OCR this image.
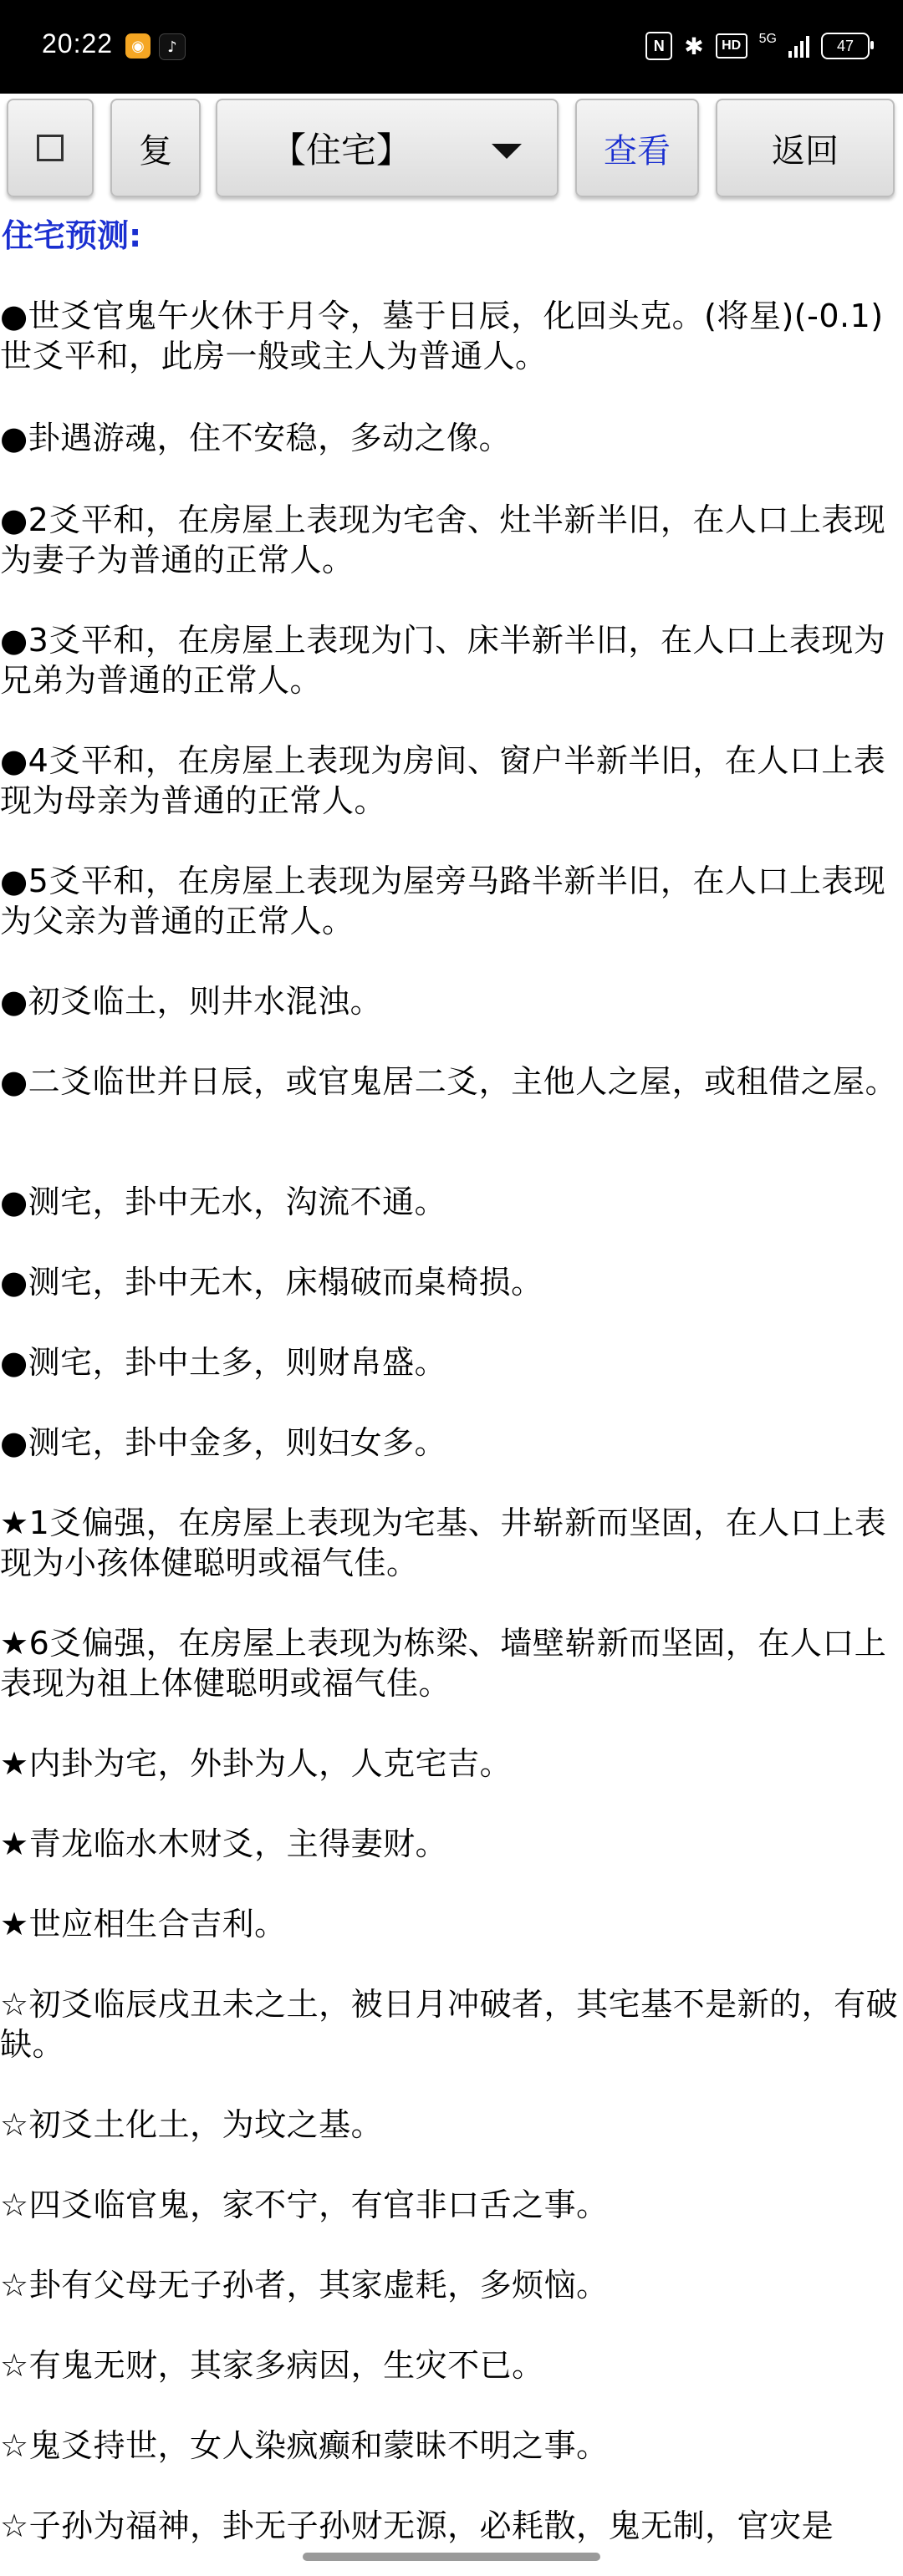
20:22	◉	♪	N ✱	HD	5G	47
复	【住宅】	查看	返回
住宅预测:

●世爻官鬼午火休于月令，墓于日辰，化回头克。(将星)(-0.1)世爻平和，此房一般或主人为普通人。

●卦遇游魂，住不安稳，多动之像。

●2爻平和，在房屋上表现为宅舍、灶半新半旧，在人口上表现为妻子为普通的正常人。

●3爻平和，在房屋上表现为门、床半新半旧，在人口上表现为兄弟为普通的正常人。

●4爻平和，在房屋上表现为房间、窗户半新半旧，在人口上表现为母亲为普通的正常人。

●5爻平和，在房屋上表现为屋旁马路半新半旧，在人口上表现为父亲为普通的正常人。

●初爻临土，则井水混浊。

●二爻临世并日辰，或官鬼居二爻，主他人之屋，或租借之屋。

●测宅，卦中无水，沟流不通。

●测宅，卦中无木，床榻破而桌椅损。

●测宅，卦中土多，则财帛盛。

●测宅，卦中金多，则妇女多。

★1爻偏强，在房屋上表现为宅基、井崭新而坚固，在人口上表现为小孩体健聪明或福气佳。

★6爻偏强，在房屋上表现为栋梁、墙壁崭新而坚固，在人口上表现为祖上体健聪明或福气佳。

★内卦为宅，外卦为人，人克宅吉。

★青龙临水木财爻，主得妻财。

★世应相生合吉利。

☆初爻临辰戌丑未之土，被日月冲破者，其宅基不是新的，有破缺。

☆初爻土化土，为坟之基。

☆四爻临官鬼，家不宁，有官非口舌之事。

☆卦有父母无子孙者，其家虚耗，多烦恼。

☆有鬼无财，其家多病因，生灾不已。

☆鬼爻持世，女人染疯癫和蒙昧不明之事。

☆子孙为福神，卦无子孙财无源，必耗散，鬼无制，官灾是
